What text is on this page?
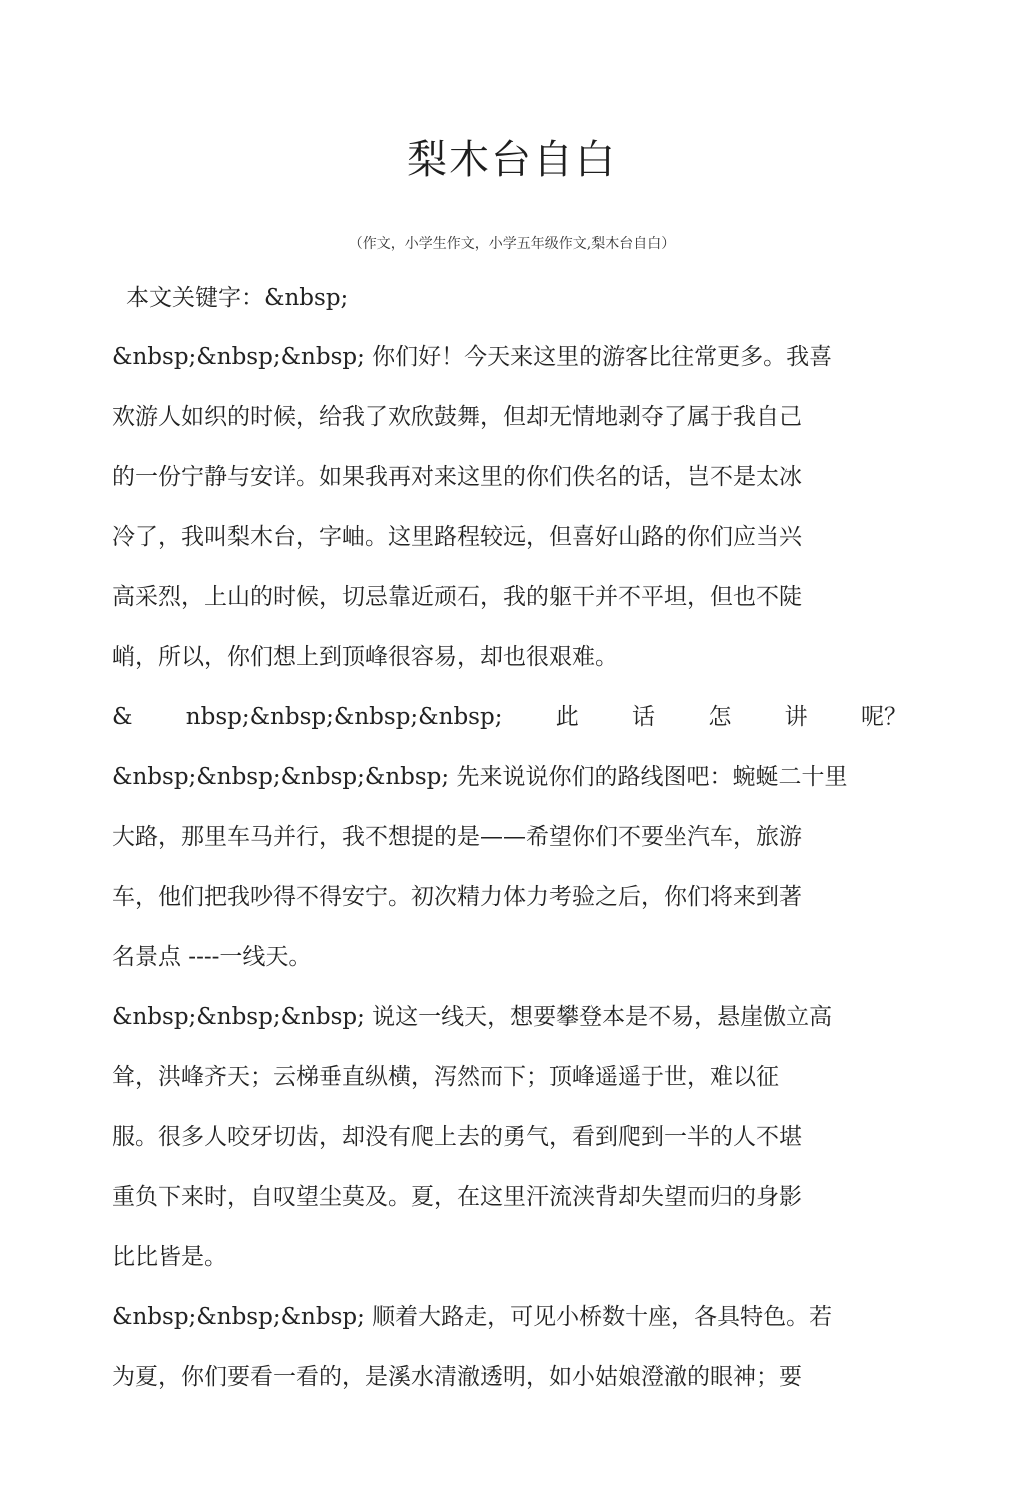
梨木台自白
（作文，小学生作文，小学五年级作文,梨木台自白）
本文关键字：&nbsp;
&nbsp;&nbsp;&nbsp; 你们好！今天来这里的游客比往常更多。我喜
欢游人如织的时候，给我了欢欣鼓舞，但却无情地剥夺了属于我自己
的一份宁静与安详。如果我再对来这里的你们佚名的话，岂不是太冰
冷了，我叫梨木台，字岫。这里路程较远，但喜好山路的你们应当兴
高采烈，上山的时候，切忌靠近顽石，我的躯干并不平坦，但也不陡
峭，所以，你们想上到顶峰很容易，却也很艰难。
& nbsp;&nbsp;&nbsp;&nbsp; 此 话 怎 讲 呢？
&nbsp;&nbsp;&nbsp;&nbsp; 先来说说你们的路线图吧：蜿蜒二十里
大路，那里车马并行，我不想提的是——希望你们不要坐汽车，旅游
车，他们把我吵得不得安宁。初次精力体力考验之后，你们将来到著
名景点 ----一线天。
&nbsp;&nbsp;&nbsp; 说这一线天，想要攀登本是不易，悬崖傲立高
耸，洪峰齐天；云梯垂直纵横，泻然而下；顶峰遥遥于世，难以征
服。很多人咬牙切齿，却没有爬上去的勇气，看到爬到一半的人不堪
重负下来时，自叹望尘莫及。夏，在这里汗流浃背却失望而归的身影
比比皆是。
&nbsp;&nbsp;&nbsp; 顺着大路走，可见小桥数十座，各具特色。若
为夏，你们要看一看的，是溪水清澈透明，如小姑娘澄澈的眼神；要
